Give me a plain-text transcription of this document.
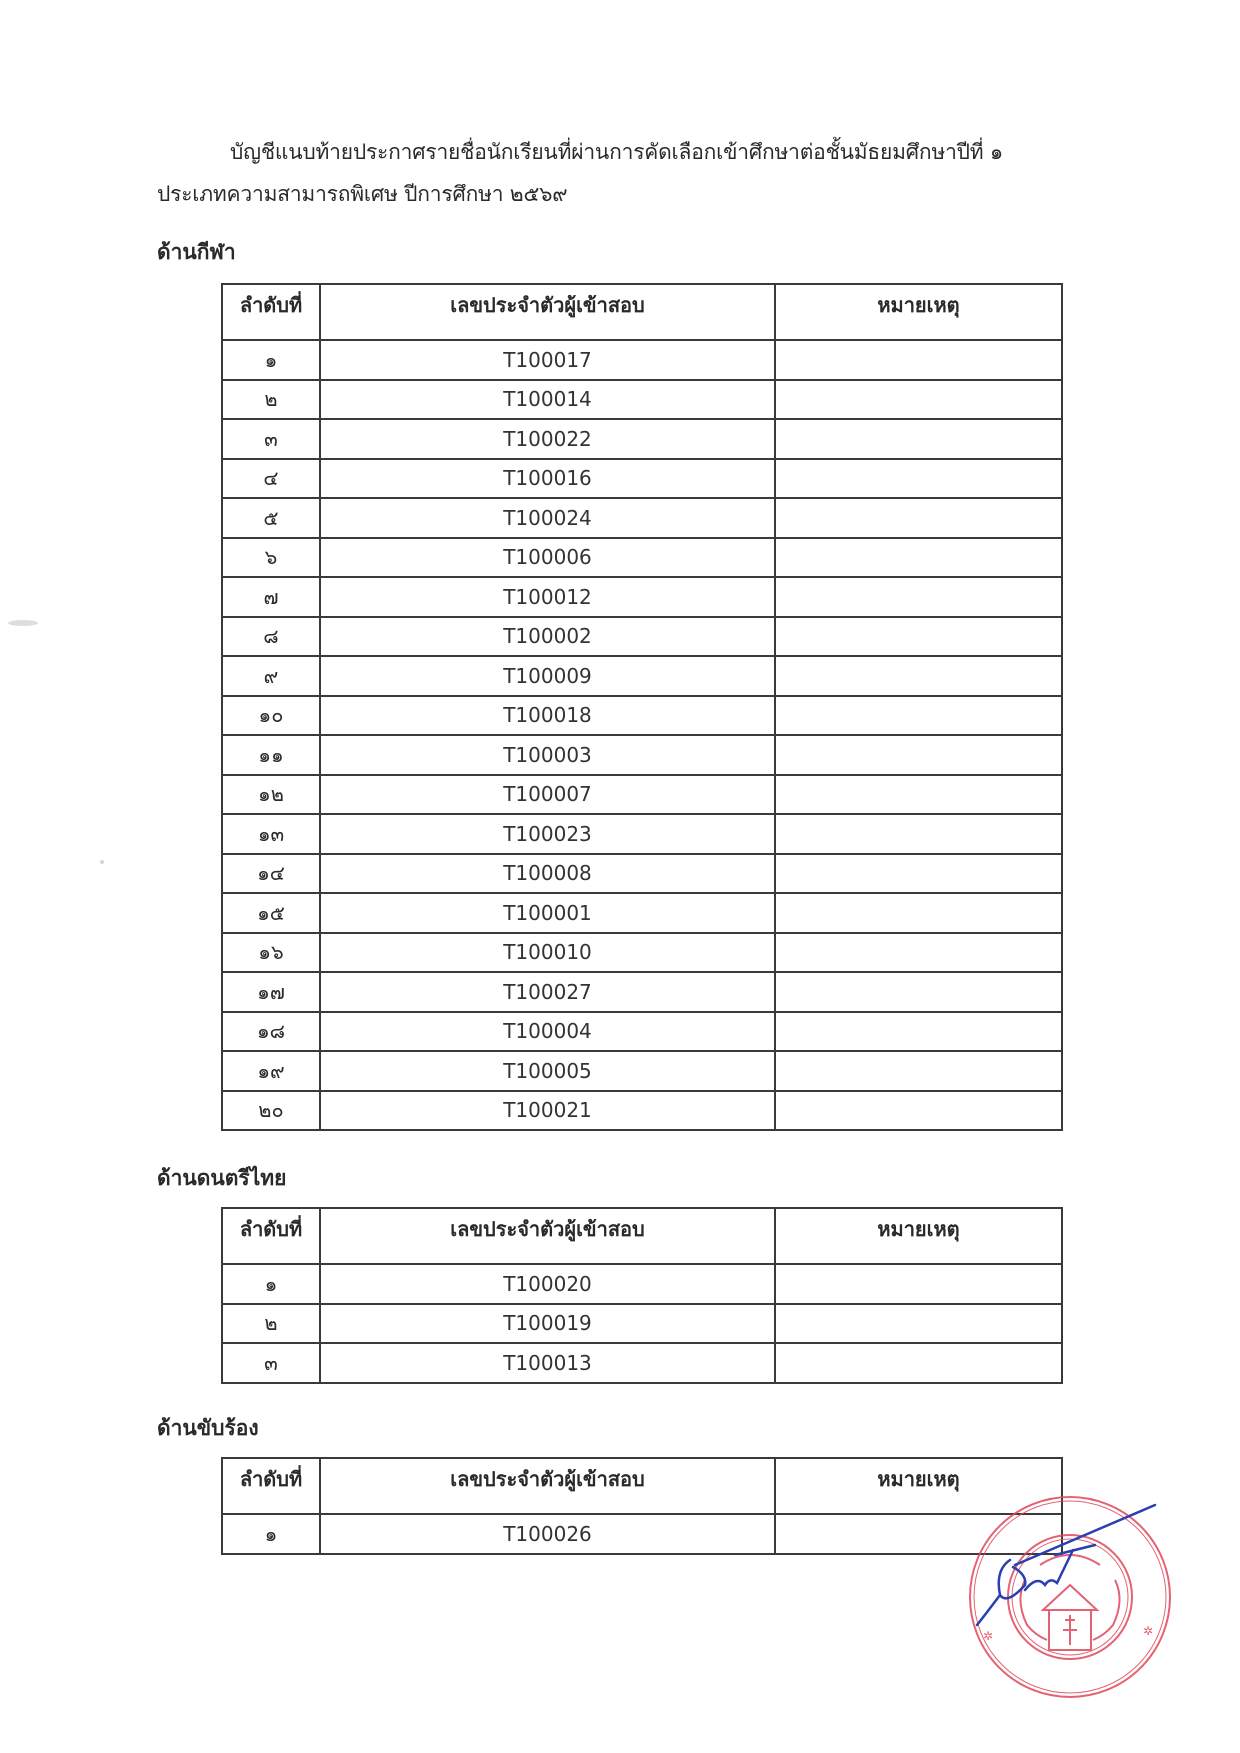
บัญชีแนบท้ายประกาศรายชื่อนักเรียนที่ผ่านการคัดเลือกเข้าศึกษาต่อชั้นมัธยมศึกษาปีที่ ๑
ประเภทความสามารถพิเศษ ปีการศึกษา ๒๕๖๙
ด้านกีฬา
ลำดับที่	เลขประจำตัวผู้เข้าสอบ	หมายเหตุ
๑	T100017	
๒	T100014	
๓	T100022	
๔	T100016	
๕	T100024	
๖	T100006	
๗	T100012	
๘	T100002	
๙	T100009	
๑๐	T100018	
๑๑	T100003	
๑๒	T100007	
๑๓	T100023	
๑๔	T100008	
๑๕	T100001	
๑๖	T100010	
๑๗	T100027	
๑๘	T100004	
๑๙	T100005	
๒๐	T100021	
ด้านดนตรีไทย
ลำดับที่	เลขประจำตัวผู้เข้าสอบ	หมายเหตุ
๑	T100020	
๒	T100019	
๓	T100013	
ด้านขับร้อง
ลำดับที่	เลขประจำตัวผู้เข้าสอบ	หมายเหตุ
๑	T100026	
✲	✲
